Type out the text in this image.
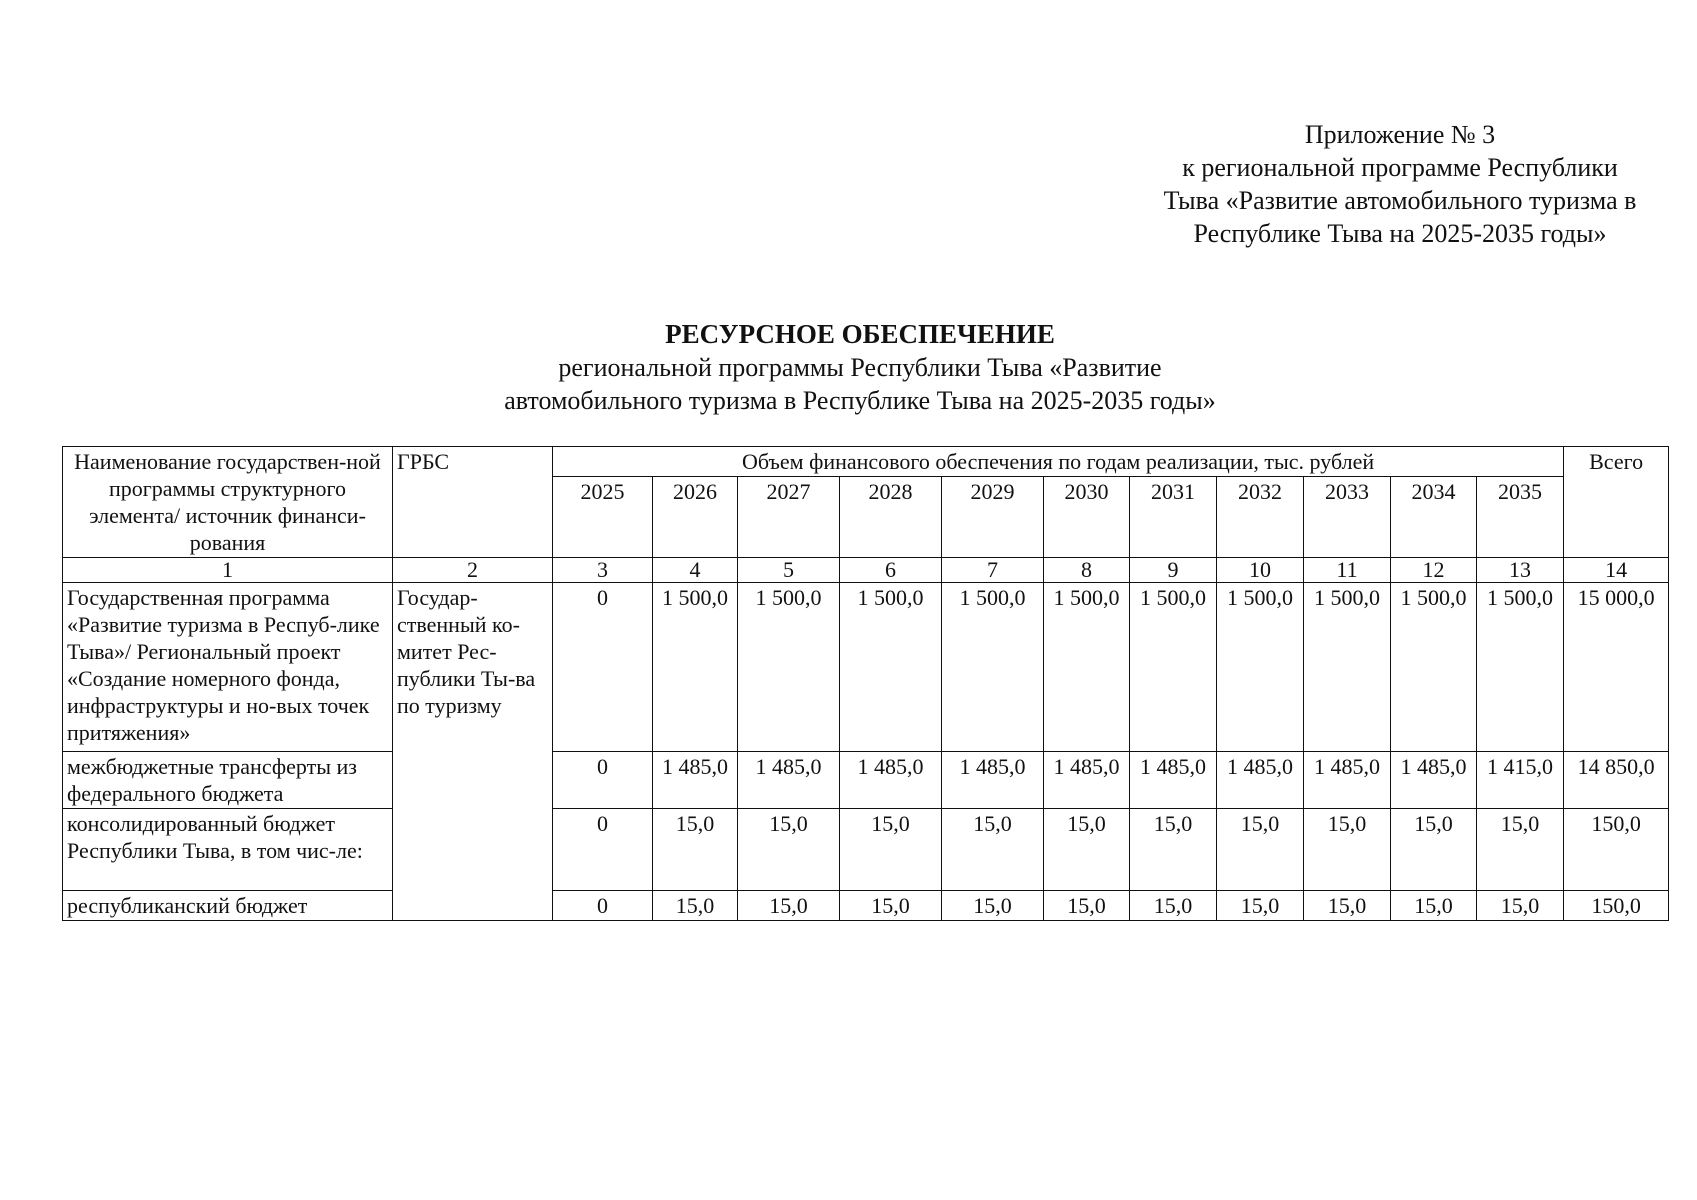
Приложение № 3
к региональной программе Республики
Тыва «Развитие автомобильного туризма в
Республике Тыва на 2025-2035 годы»
РЕСУРСНОЕ ОБЕСПЕЧЕНИЕ
региональной программы Республики Тыва «Развитие
автомобильного туризма в Республике Тыва на 2025-2035 годы»
Наименование государствен-ной программы структурного элемента/ источник финанси-рования	ГРБС	Объем финансового обеспечения по годам реализации, тыс. рублей											Всего
		2025	2026	2027	2028	2029	2030	2031	2032	2033	2034	2035	
1	2	3	4	5	6	7	8	9	10	11	12	13	14
Государственная программа «Развитие туризма в Респуб-лике Тыва»/ Региональный проект «Создание номерного фонда, инфраструктуры и но-вых точек притяжения»	Государ-ственный ко-митет Рес-публики Ты-ва по туризму	0	1 500,0	1 500,0	1 500,0	1 500,0	1 500,0	1 500,0	1 500,0	1 500,0	1 500,0	1 500,0	15 000,0
межбюджетные трансферты из федерального бюджета		0	1 485,0	1 485,0	1 485,0	1 485,0	1 485,0	1 485,0	1 485,0	1 485,0	1 485,0	1 415,0	14 850,0
консолидированный бюджет Республики Тыва, в том чис-ле:		0	15,0	15,0	15,0	15,0	15,0	15,0	15,0	15,0	15,0	15,0	150,0
республиканский бюджет		0	15,0	15,0	15,0	15,0	15,0	15,0	15,0	15,0	15,0	15,0	150,0
